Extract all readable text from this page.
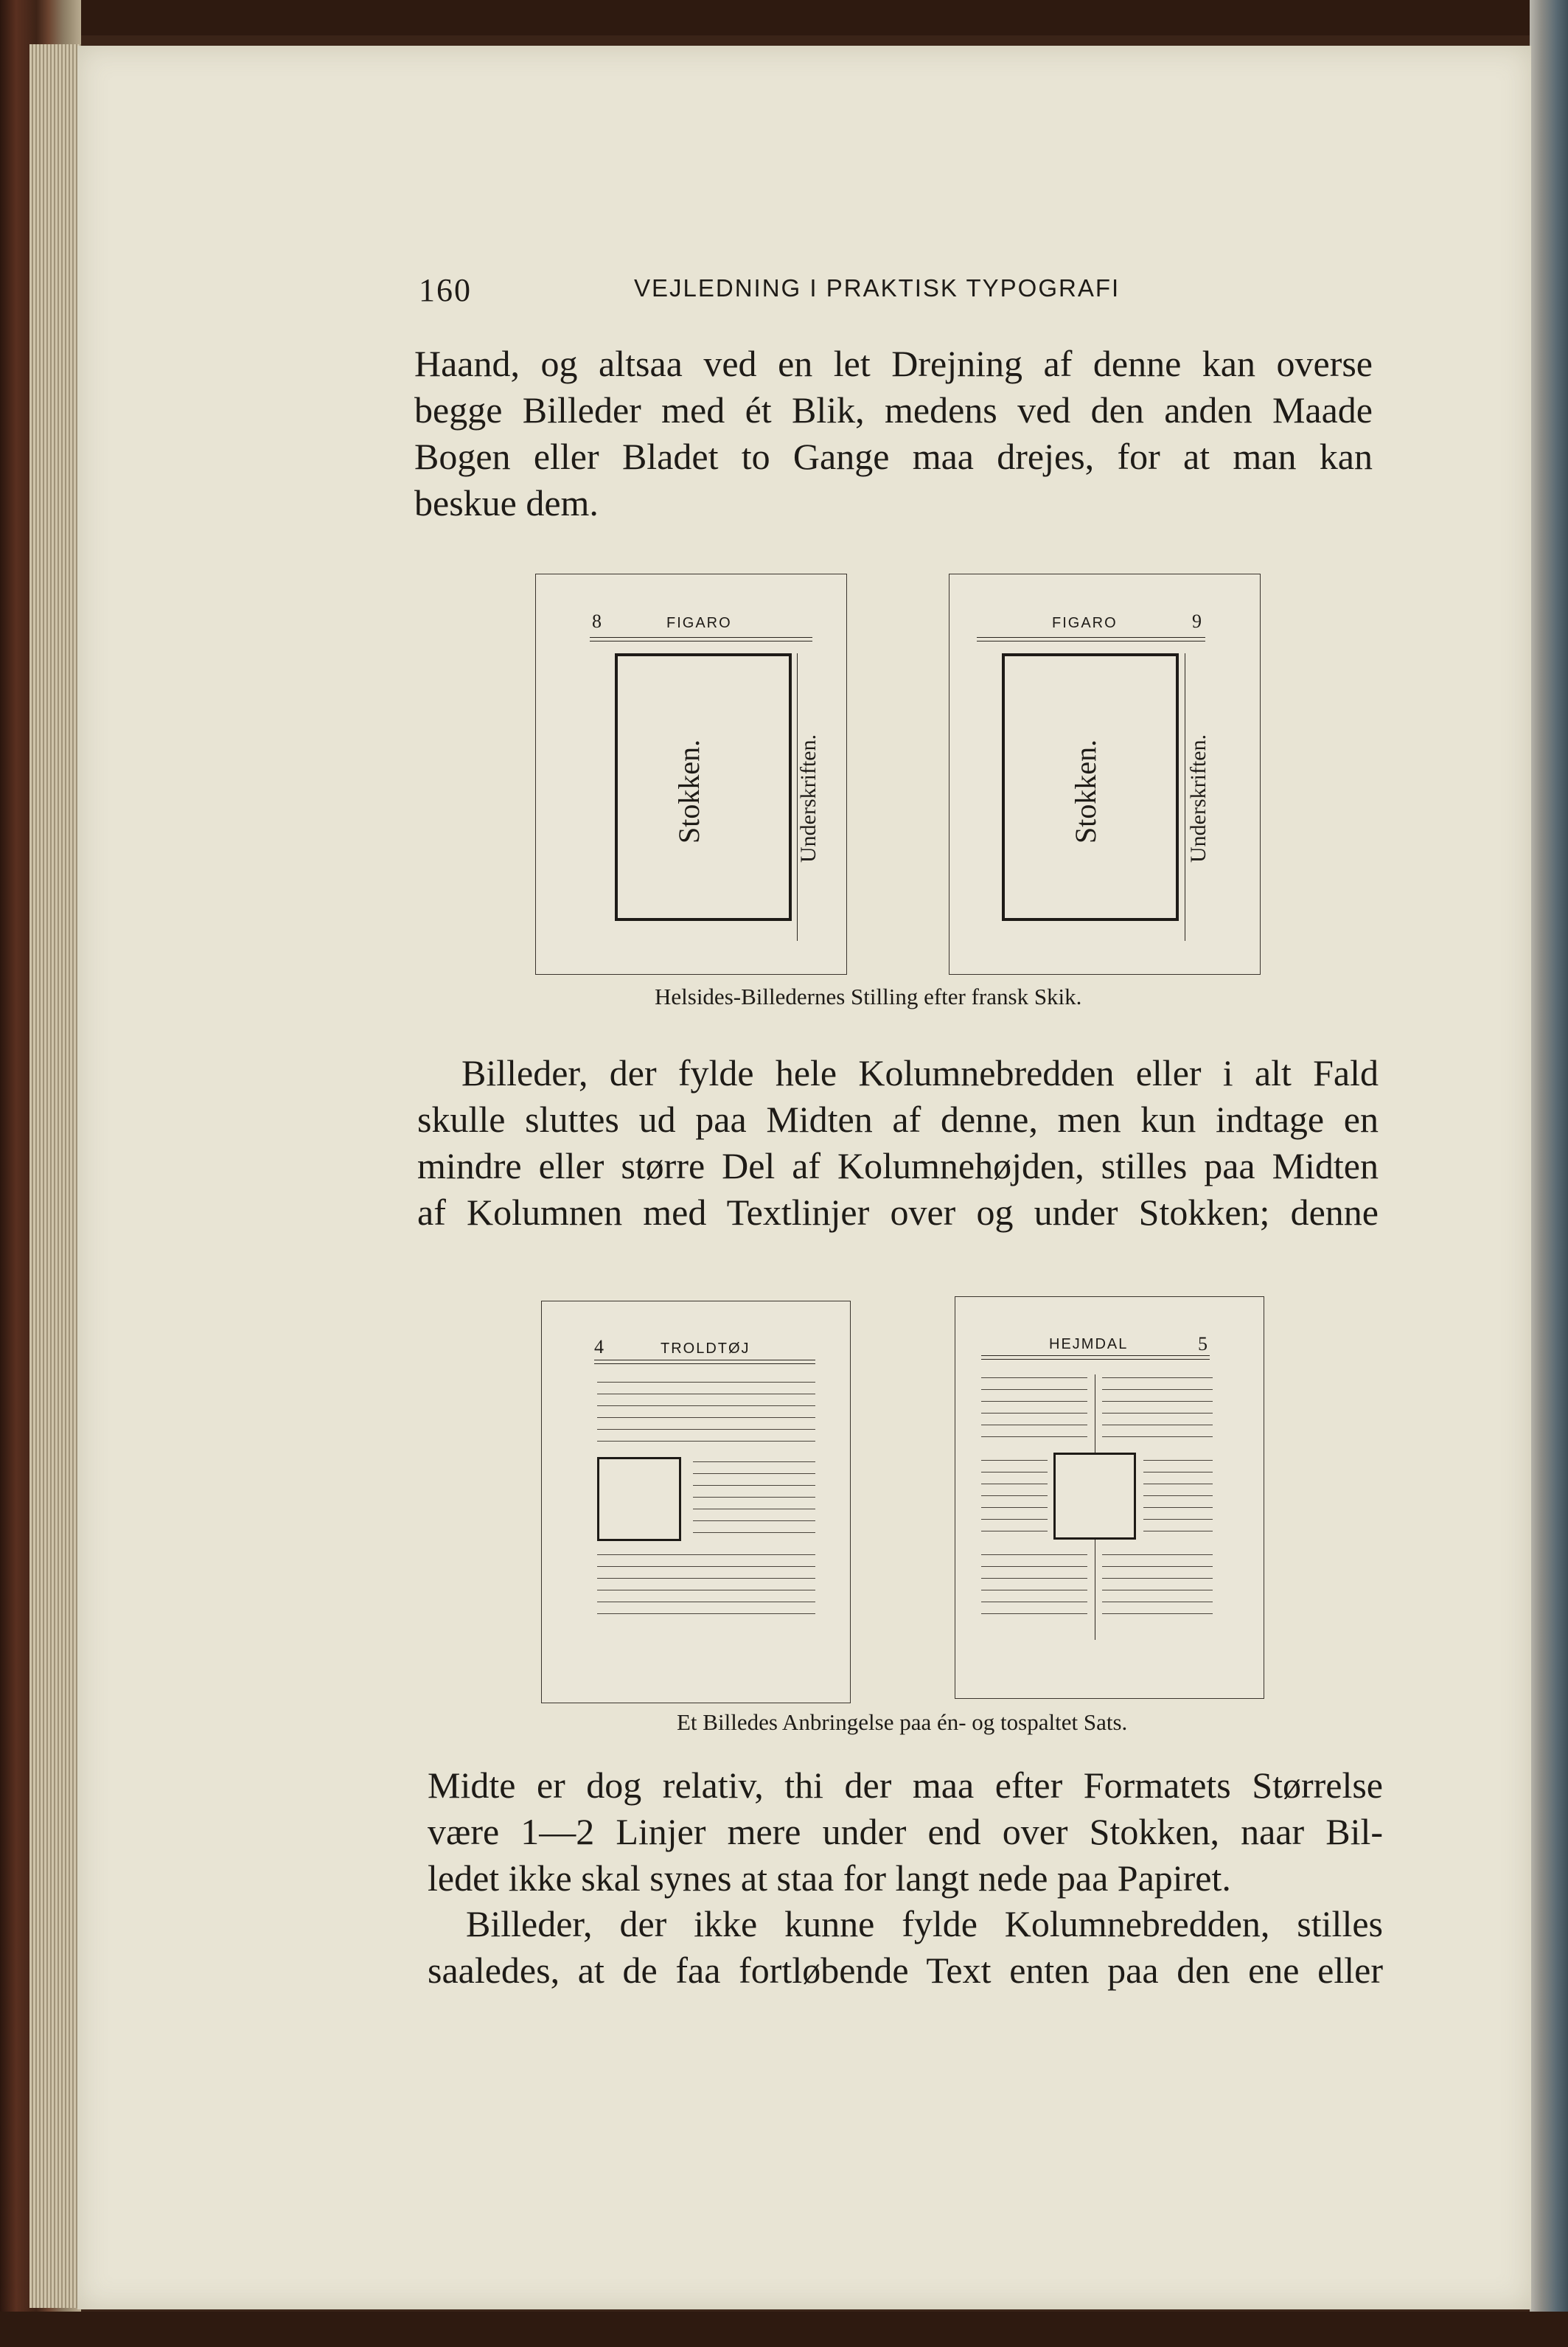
160	VEJLEDNING I PRAKTISK TYPOGRAFI
Haand, og altsaa ved en let Drejning af denne kan overse
begge Billeder med ét Blik, medens ved den anden Maade
Bogen eller Bladet to Gange maa drejes, for at man kan
beskue dem.
8	FIGARO
Stokken.	Underskriften.
FIGARO	9
Stokken.	Underskriften.
Helsides-Billedernes Stilling efter fransk Skik.
Billeder, der fylde hele Kolumnebredden eller i alt Fald
skulle sluttes ud paa Midten af denne, men kun indtage en
mindre eller større Del af Kolumnehøjden, stilles paa Midten
af Kolumnen med Textlinjer over og under Stokken; denne
4	TROLDTØJ	HEJMDAL	5
Et Billedes Anbringelse paa én- og tospaltet Sats.
Midte er dog relativ, thi der maa efter Formatets Størrelse
være 1—2 Linjer mere under end over Stokken, naar Bil-
ledet ikke skal synes at staa for langt nede paa Papiret.
Billeder, der ikke kunne fylde Kolumnebredden, stilles
saaledes, at de faa fortløbende Text enten paa den ene eller
